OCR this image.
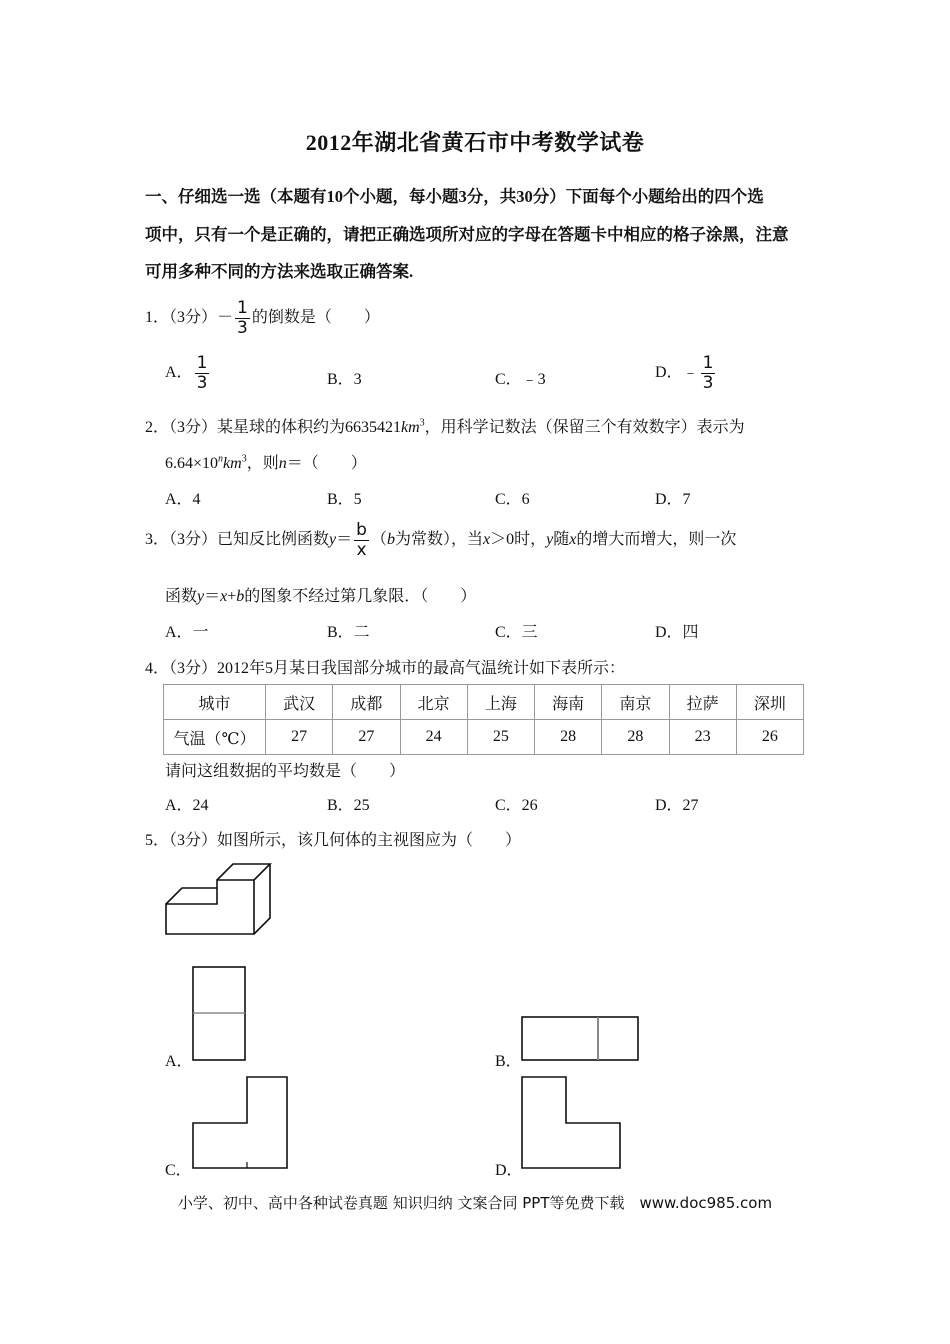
2012年湖北省黄石市中考数学试卷
一、仔细选一选（本题有10个小题，每小题3分，共30分）下面每个小题给出的四个选
项中，只有一个是正确的，请把正确选项所对应的字母在答题卡中相应的格子涂黑，注意
可用多种不同的方法来选取正确答案.
1．（3分）－ $\frac{1}{3}$ 的倒数是（　　）
A． $\frac{1}{3}$	B．3	C．﹣3	D．﹣ $\frac{1}{3}$
2．（3分）某星球的体积约为$6635421km^3$，用科学记数法（保留三个有效数字）表示为
$6.64\times 10^nkm^3$，则n＝（　　）
A．4	B．5	C．6	D．7
3．（3分）已知反比例函数$y= \frac{b}{x} (b$为常数），当x＞0时，y随x的增大而增大，则一次
函数y＝x+b的图象不经过第几象限．（　　）
A．一	B．二	C．三	D．四
4．（3分）2012年5月某日我国部分城市的最高气温统计如下表所示：
城市	武汉	成都	北京	上海	海南	南京	拉萨	深圳
气温（℃）	27	27	24	25	28	28	23	26
请问这组数据的平均数是（　　）
A．24	B．25	C．26	D．27
5．（3分）如图所示，该几何体的主视图应为（　　）
A．	B．
C．	D．
小学、初中、高中各种试卷真题 知识归纳 文案合同 PPT等免费下载　www.doc985.com
